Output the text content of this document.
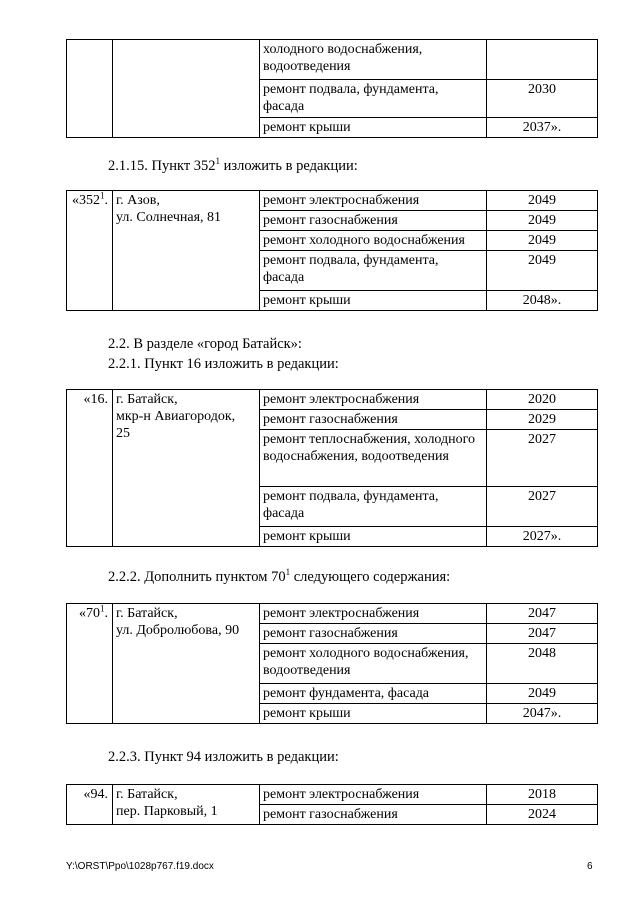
		холодного водоснабжения, водоотведения	
		ремонт подвала, фундамента, фасада	2030
		ремонт крыши	2037».
2.1.15. Пункт $352^1$ изложить в редакции:
«$352^1$.	г. Азов,
ул. Солнечная, 81	ремонт электроснабжения	2049
		ремонт газоснабжения	2049
		ремонт холодного водоснабжения	2049
		ремонт подвала, фундамента, фасада	2049
		ремонт крыши	2048».
2.2. В разделе «город Батайск»:
2.2.1. Пункт 16 изложить в редакции:
«16.	г. Батайск,
мкр-н Авиагородок,
25	ремонт электроснабжения	2020
		ремонт газоснабжения	2029
		ремонт теплоснабжения, холодного водоснабжения, водоотведения	2027
		ремонт подвала, фундамента, фасада	2027
		ремонт крыши	2027».
2.2.2. Дополнить пунктом $70^1$ следующего содержания:
«$70^1$.	г. Батайск,
ул. Добролюбова, 90	ремонт электроснабжения	2047
		ремонт газоснабжения	2047
		ремонт холодного водоснабжения, водоотведения	2048
		ремонт фундамента, фасада	2049
		ремонт крыши	2047».
2.2.3. Пункт 94 изложить в редакции:
«94.	г. Батайск,
пер. Парковый, 1	ремонт электроснабжения	2018
		ремонт газоснабжения	2024
Y:\ORST\Ppo\1028p767.f19.docx	6
